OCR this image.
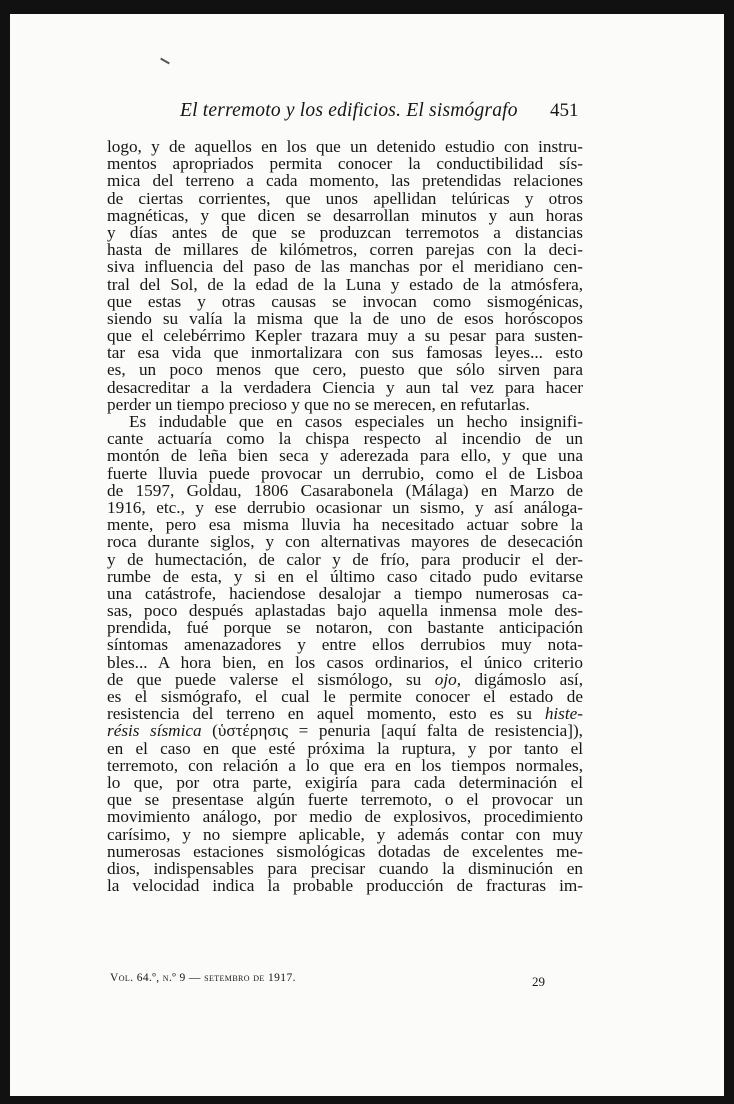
El terremoto y los edificios. El sismógrafo 451
logo, y de aquellos en los que un detenido estudio con instru-
mentos apropriados permita conocer la conductibilidad sís-
mica del terreno a cada momento, las pretendidas relaciones
de ciertas corrientes, que unos apellidan telúricas y otros
magnéticas, y que dicen se desarrollan minutos y aun horas
y días antes de que se produzcan terremotos a distancias
hasta de millares de kilómetros, corren parejas con la deci-
siva influencia del paso de las manchas por el meridiano cen-
tral del Sol, de la edad de la Luna y estado de la atmósfera,
que estas y otras causas se invocan como sismogénicas,
siendo su valía la misma que la de uno de esos horóscopos
que el celebérrimo Kepler trazara muy a su pesar para susten-
tar esa vida que inmortalizara con sus famosas leyes... esto
es, un poco menos que cero, puesto que sólo sirven para
desacreditar a la verdadera Ciencia y aun tal vez para hacer
perder un tiempo precioso y que no se merecen, en refutarlas.
Es indudable que en casos especiales un hecho insignifi-
cante actuaría como la chispa respecto al incendio de un
montón de leña bien seca y aderezada para ello, y que una
fuerte lluvia puede provocar un derrubio, como el de Lisboa
de 1597, Goldau, 1806 Casarabonela (Málaga) en Marzo de
1916, etc., y ese derrubio ocasionar un sismo, y así análoga-
mente, pero esa misma lluvia ha necesitado actuar sobre la
roca durante siglos, y con alternativas mayores de desecación
y de humectación, de calor y de frío, para producir el der-
rumbe de esta, y si en el último caso citado pudo evitarse
una catástrofe, haciendose desalojar a tiempo numerosas ca-
sas, poco después aplastadas bajo aquella inmensa mole des-
prendida, fué porque se notaron, con bastante anticipación
síntomas amenazadores y entre ellos derrubios muy nota-
bles... A hora bien, en los casos ordinarios, el único criterio
de que puede valerse el sismólogo, su ojo, digámoslo así,
es el sismógrafo, el cual le permite conocer el estado de
resistencia del terreno en aquel momento, esto es su histe-
résis sísmica (ὑστέρησις = penuria [aquí falta de resistencia]),
en el caso en que esté próxima la ruptura, y por tanto el
terremoto, con relación a lo que era en los tiempos normales,
lo que, por otra parte, exigiría para cada determinación el
que se presentase algún fuerte terremoto, o el provocar un
movimiento análogo, por medio de explosivos, procedimiento
carísimo, y no siempre aplicable, y además contar con muy
numerosas estaciones sismológicas dotadas de excelentes me-
dios, indispensables para precisar cuando la disminución en
la velocidad indica la probable producción de fracturas im-
Vol. 64.º, n.º 9 — setembro de 1917.	29
